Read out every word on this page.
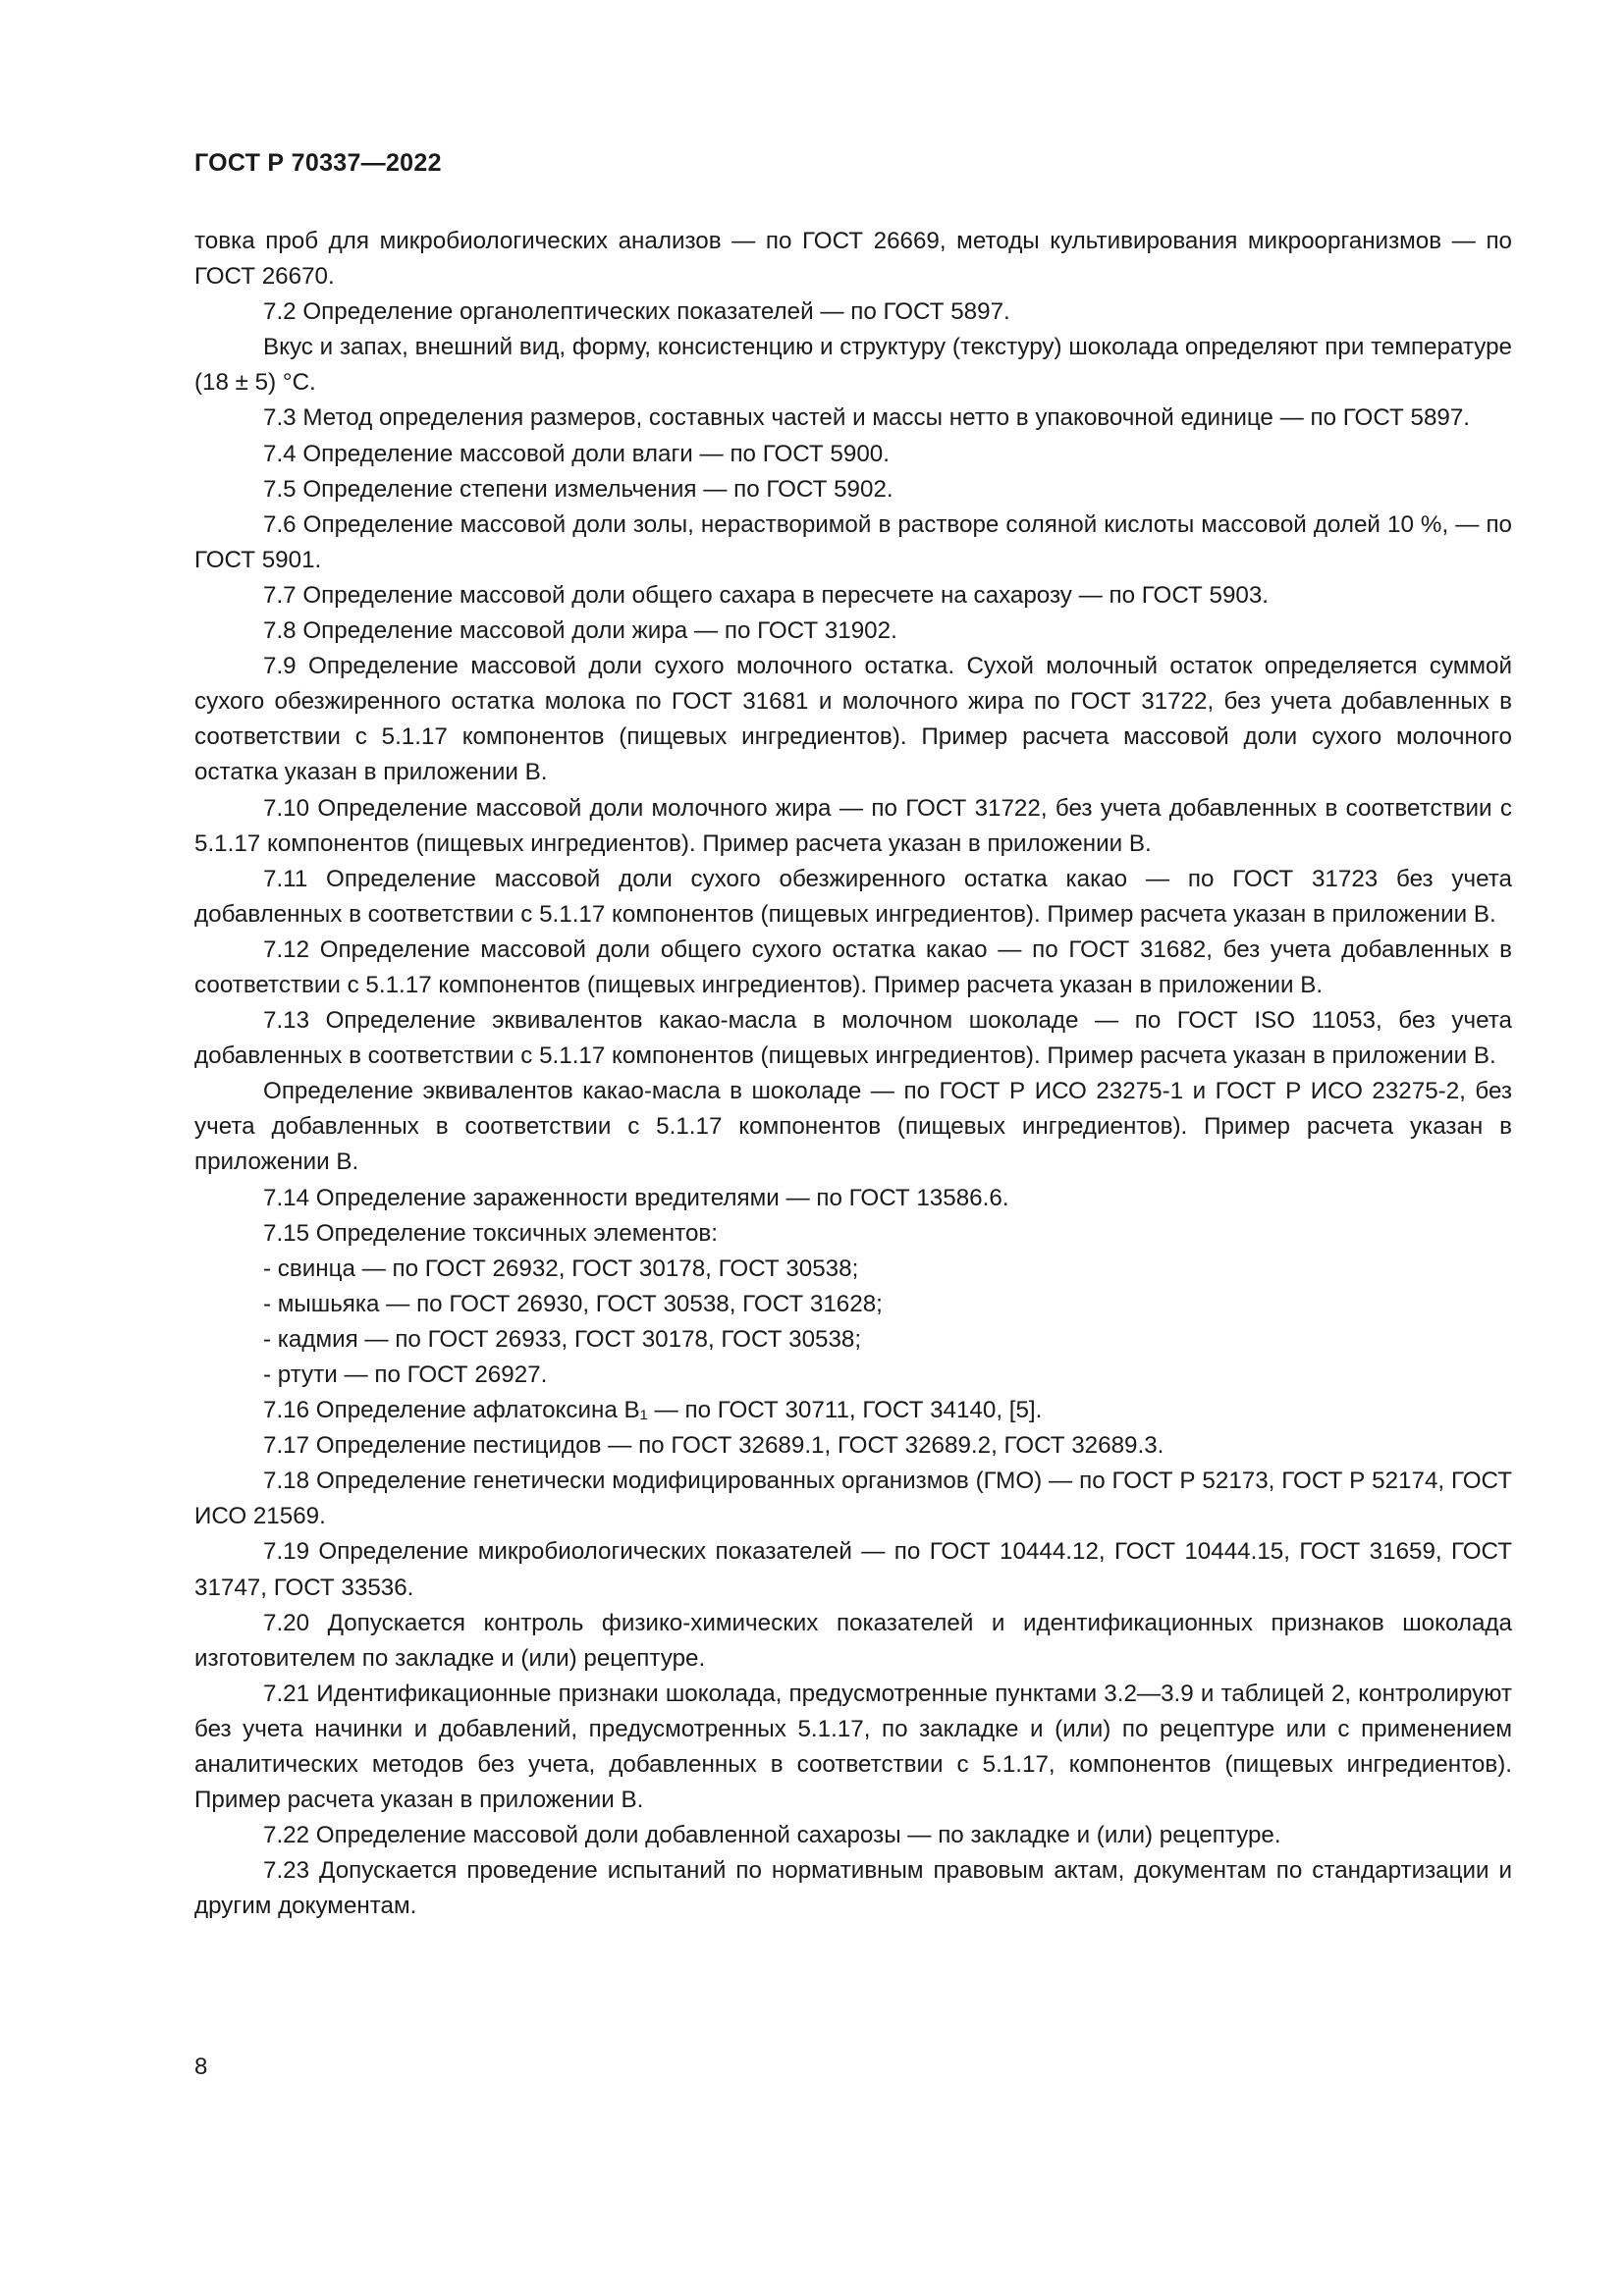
ГОСТ Р 70337—2022

товка проб для микробиологических анализов — по ГОСТ 26669, методы культивирования микроорганизмов — по ГОСТ 26670.

7.2 Определение органолептических показателей — по ГОСТ 5897.

Вкус и запах, внешний вид, форму, консистенцию и структуру (текстуру) шоколада определяют при температуре (18 ± 5) °С.

7.3 Метод определения размеров, составных частей и массы нетто в упаковочной единице — по ГОСТ 5897.

7.4 Определение массовой доли влаги — по ГОСТ 5900.

7.5 Определение степени измельчения — по ГОСТ 5902.

7.6 Определение массовой доли золы, нерастворимой в растворе соляной кислоты массовой долей 10 %, — по ГОСТ 5901.

7.7 Определение массовой доли общего сахара в пересчете на сахарозу — по ГОСТ 5903.

7.8 Определение массовой доли жира — по ГОСТ 31902.

7.9 Определение массовой доли сухого молочного остатка. Сухой молочный остаток определяется суммой сухого обезжиренного остатка молока по ГОСТ 31681 и молочного жира по ГОСТ 31722, без учета добавленных в соответствии с 5.1.17 компонентов (пищевых ингредиентов). Пример расчета массовой доли сухого молочного остатка указан в приложении В.

7.10 Определение массовой доли молочного жира — по ГОСТ 31722, без учета добавленных в соответствии с 5.1.17 компонентов (пищевых ингредиентов). Пример расчета указан в приложении В.

7.11 Определение массовой доли сухого обезжиренного остатка какао — по ГОСТ 31723 без учета добавленных в соответствии с 5.1.17 компонентов (пищевых ингредиентов). Пример расчета указан в приложении В.

7.12 Определение массовой доли общего сухого остатка какао — по ГОСТ 31682, без учета добавленных в соответствии с 5.1.17 компонентов (пищевых ингредиентов). Пример расчета указан в приложении В.

7.13 Определение эквивалентов какао-масла в молочном шоколаде — по ГОСТ ISO 11053, без учета добавленных в соответствии с 5.1.17 компонентов (пищевых ингредиентов). Пример расчета указан в приложении В.

Определение эквивалентов какао-масла в шоколаде — по ГОСТ Р ИСО 23275-1 и ГОСТ Р ИСО 23275-2, без учета добавленных в соответствии с 5.1.17 компонентов (пищевых ингредиентов). Пример расчета указан в приложении В.

7.14 Определение зараженности вредителями — по ГОСТ 13586.6.

7.15 Определение токсичных элементов:

- свинца — по ГОСТ 26932, ГОСТ 30178, ГОСТ 30538;

- мышьяка — по ГОСТ 26930, ГОСТ 30538, ГОСТ 31628;

- кадмия — по ГОСТ 26933, ГОСТ 30178, ГОСТ 30538;

- ртути — по ГОСТ 26927.

7.16 Определение афлатоксина B₁ — по ГОСТ 30711, ГОСТ 34140, [5].

7.17 Определение пестицидов — по ГОСТ 32689.1, ГОСТ 32689.2, ГОСТ 32689.3.

7.18 Определение генетически модифицированных организмов (ГМО) — по ГОСТ Р 52173, ГОСТ Р 52174, ГОСТ ИСО 21569.

7.19 Определение микробиологических показателей — по ГОСТ 10444.12, ГОСТ 10444.15, ГОСТ 31659, ГОСТ 31747, ГОСТ 33536.

7.20 Допускается контроль физико-химических показателей и идентификационных признаков шоколада изготовителем по закладке и (или) рецептуре.

7.21 Идентификационные признаки шоколада, предусмотренные пунктами 3.2—3.9 и таблицей 2, контролируют без учета начинки и добавлений, предусмотренных 5.1.17, по закладке и (или) по рецептуре или с применением аналитических методов без учета, добавленных в соответствии с 5.1.17, компонентов (пищевых ингредиентов). Пример расчета указан в приложении В.

7.22 Определение массовой доли добавленной сахарозы — по закладке и (или) рецептуре.

7.23 Допускается проведение испытаний по нормативным правовым актам, документам по стандартизации и другим документам.

8
